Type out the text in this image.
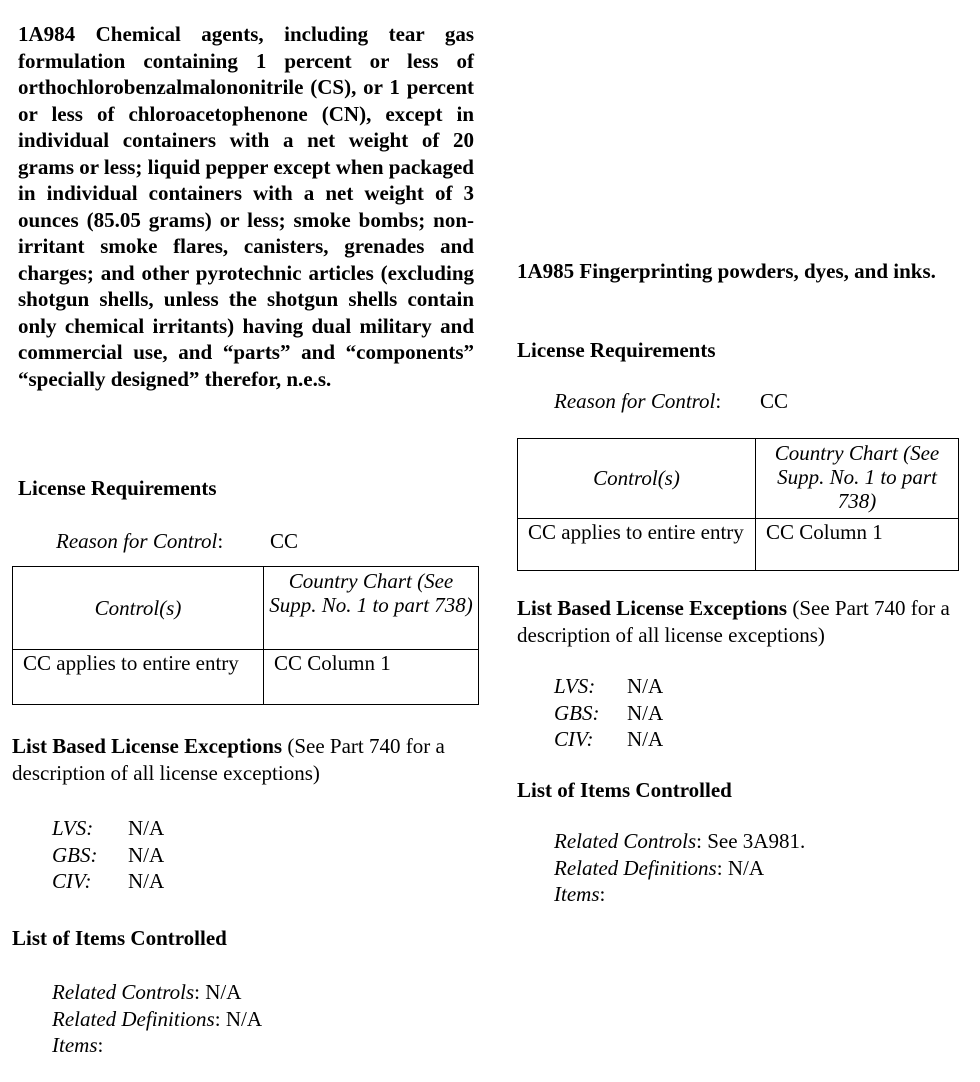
1A984 Chemical agents, including tear gas formulation containing 1 percent or less of orthochlorobenzalmalononitrile (CS), or 1 percent or less of chloroacetophenone (CN), except in individual containers with a net weight of 20 grams or less; liquid pepper except when packaged in individual containers with a net weight of 3 ounces (85.05 grams) or less; smoke bombs; non-irritant smoke flares, canisters, grenades and charges; and other pyrotechnic articles (excluding shotgun shells, unless the shotgun shells contain only chemical irritants) having dual military and commercial use, and “parts” and “components” “specially designed” therefor, n.e.s.

License Requirements
Reason for Control: CC
Control(s)	Country Chart (See Supp. No. 1 to part 738)
CC applies to entire entry	CC Column 1

List Based License Exceptions (See Part 740 for a description of all license exceptions)

LVS: N/A
GBS: N/A
CIV: N/A
List of Items Controlled
Related Controls: N/A
Related Definitions: N/A
Items:

1A985 Fingerprinting powders, dyes, and inks.

License Requirements
Reason for Control: CC
Control(s)	Country Chart (See Supp. No. 1 to part 738)
CC applies to entire entry	CC Column 1

List Based License Exceptions (See Part 740 for a description of all license exceptions)

LVS: N/A
GBS: N/A
CIV: N/A
List of Items Controlled
Related Controls: See 3A981.
Related Definitions: N/A
Items:
